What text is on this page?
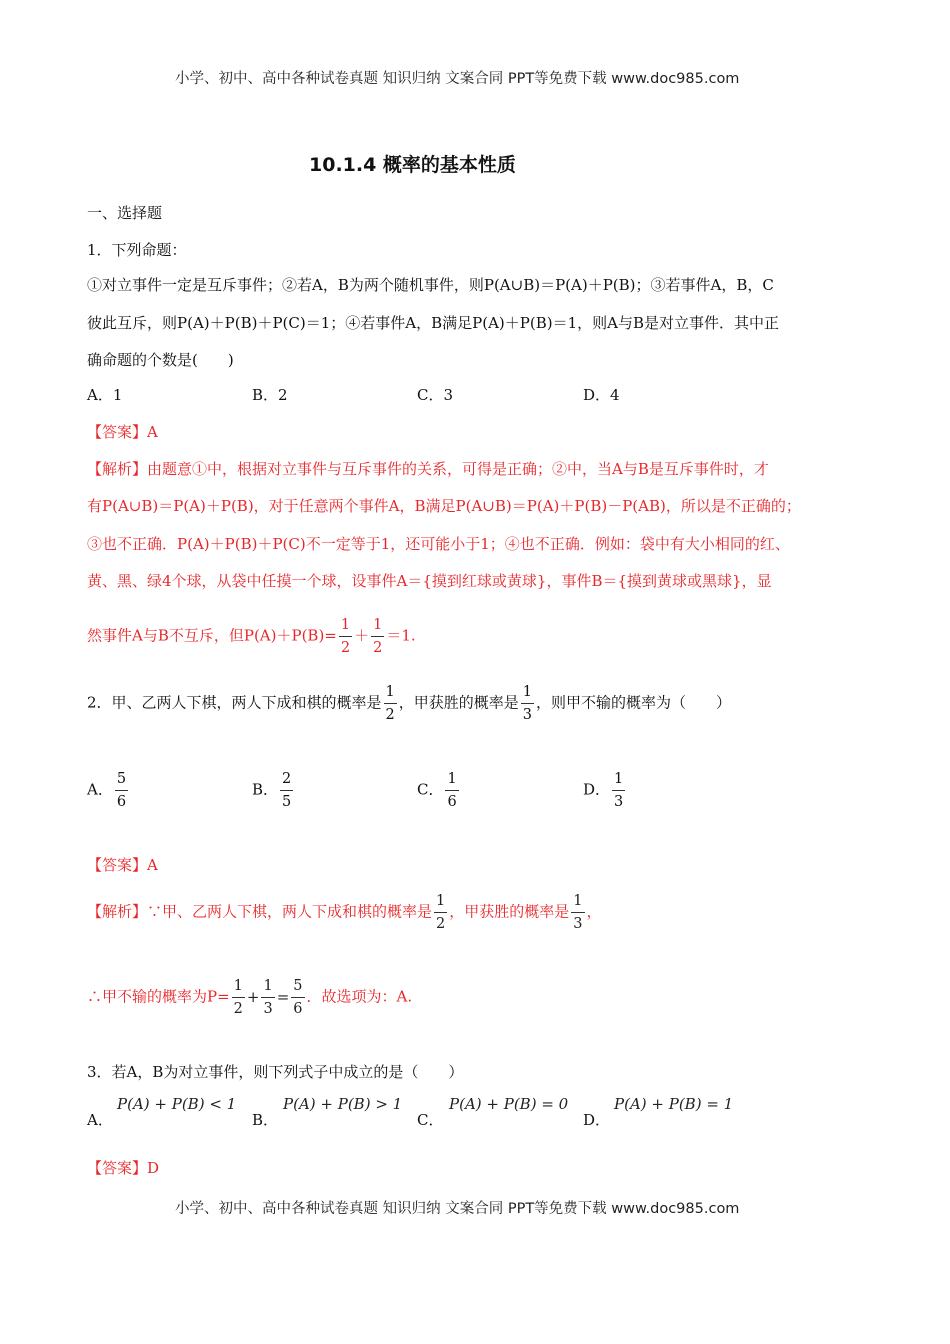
小学、初中、高中各种试卷真题 知识归纳 文案合同 PPT等免费下载 www.doc985.com
10.1.4 概率的基本性质
一、选择题
1．下列命题：
①对立事件一定是互斥事件；②若A，B为两个随机事件，则P(A∪B)＝P(A)＋P(B)；③若事件A，B，C
彼此互斥，则P(A)＋P(B)＋P(C)＝1；④若事件A，B满足P(A)＋P(B)＝1，则A与B是对立事件．其中正
确命题的个数是(　　)
A．1	B．2	C．3	D．4
【答案】A
【解析】由题意①中，根据对立事件与互斥事件的关系，可得是正确；②中，当A与B是互斥事件时，才
有P(A∪B)＝P(A)＋P(B)，对于任意两个事件A，B满足P(A∪B)＝P(A)＋P(B)－P(AB)，所以是不正确的；
③也不正确．P(A)＋P(B)＋P(C)不一定等于1，还可能小于1；④也不正确．例如：袋中有大小相同的红、
黄、黑、绿4个球，从袋中任摸一个球，设事件A＝{摸到红球或黄球}，事件B＝{摸到黄球或黑球}，显
然事件A与B不互斥，但$P(A)+P(B)= \frac{1}{2} + \frac{1}{2} =1$.
2．甲、乙两人下棋，两人下成和棋的概率是 $\frac{1}{2}$ ，甲获胜的概率是 $\frac{1}{3}$ ，则甲不输的概率为（　　）
A． $\frac{5}{6}$	B． $\frac{2}{5}$	C． $\frac{1}{6}$	D． $\frac{1}{3}$
【答案】A
【解析】∵甲、乙两人下棋，两人下成和棋的概率是 $\frac{1}{2}$ ，甲获胜的概率是 $\frac{1}{3}$ ，
∴甲不输的概率为$P= \frac{1}{2} + \frac{1}{3} = \frac{5}{6}$ ．故选项为：A.
3．若A，B为对立事件，则下列式子中成立的是（　　）
A．
P(A) + P(B) < 1
B．
P(A) + P(B) > 1
C．
P(A) + P(B) = 0
D．
P(A) + P(B) = 1
【答案】D
小学、初中、高中各种试卷真题 知识归纳 文案合同 PPT等免费下载 www.doc985.com
